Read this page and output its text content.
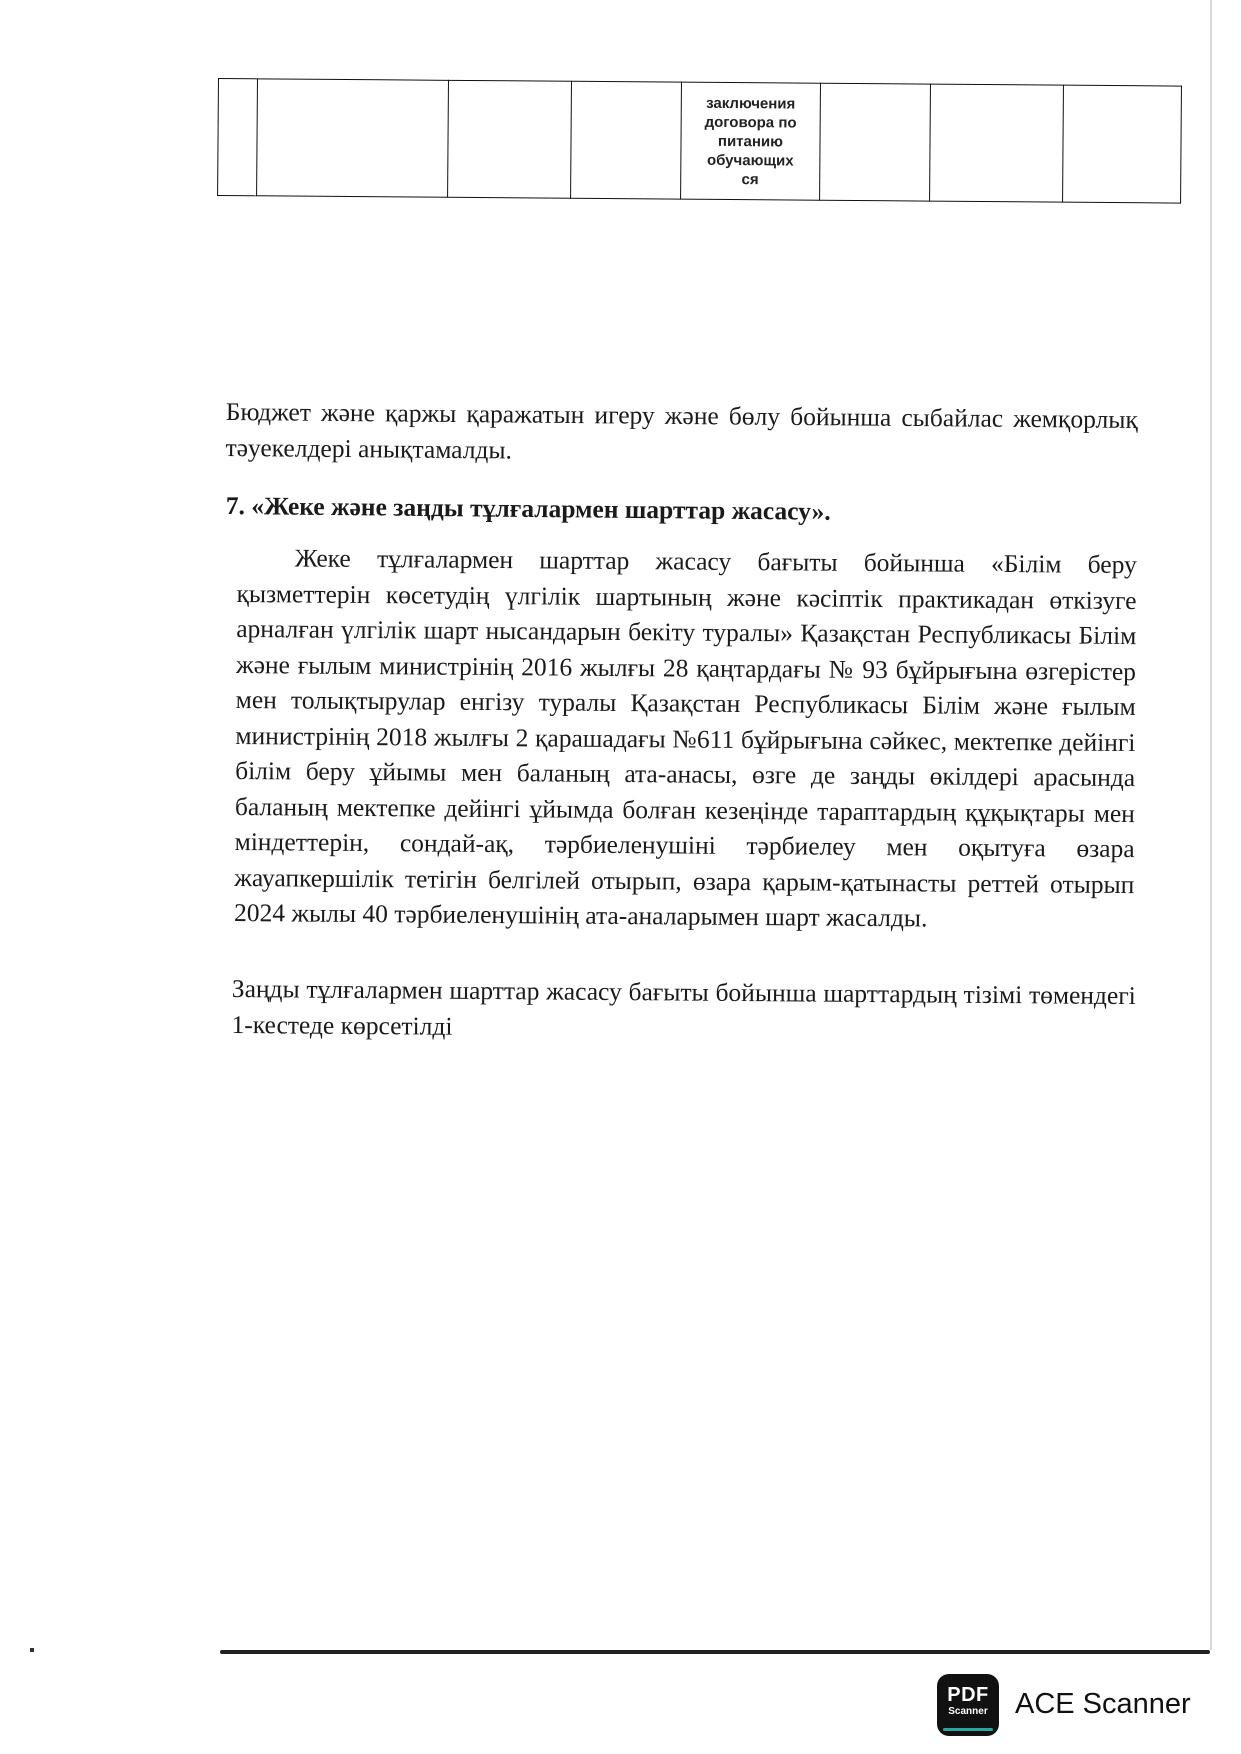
заключения
договора по
питанию
обучающих
ся

Бюджет және қаржы қаражатын игеру және бөлу бойынша сыбайлас жемқорлық тәуекелдері анықтамалды.
7. «Жеке және заңды тұлғалармен шарттар жасасу».
Жеке тұлғалармен шарттар жасасу бағыты бойынша «Білім беру қызметтерін көсетудің үлгілік шартының және кәсіптік практикадан өткізуге арналған үлгілік шарт нысандарын бекіту туралы» Қазақстан Республикасы Білім және ғылым министрінің 2016 жылғы 28 қаңтардағы № 93 бұйрығына өзгерістер мен толықтырулар енгізу туралы Қазақстан Республикасы Білім және ғылым министрінің 2018 жылғы 2 қарашадағы №611 бұйрығына сәйкес, мектепке дейінгі білім беру ұйымы мен баланың ата-анасы, өзге де заңды өкілдері арасында баланың мектепке дейінгі ұйымда болған кезеңінде тараптардың құқықтары мен міндеттерін, сондай-ақ, тәрбиеленушіні тәрбиелеу мен оқытуға өзара жауапкершілік тетігін белгілей отырып, өзара қарым-қатынасты реттей отырып 2024 жылы 40 тәрбиеленушінің ата-аналарымен шарт жасалды.
Заңды тұлғалармен шарттар жасасу бағыты бойынша шарттардың тізімі төмендегі 1-кестеде көрсетілді
PDF
Scanner ACE Scanner
